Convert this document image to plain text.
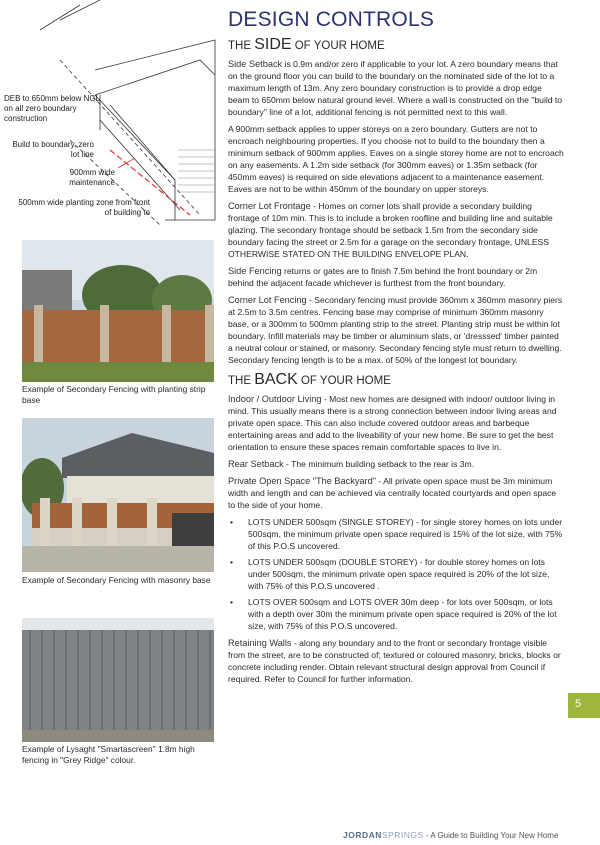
DEB to 650mm below NGL on all zero boundary construction
Build to boundary, zero lot line
900mm wide maintenance
500mm wide planting zone from front of building to
Example of Secondary Fencing with planting strip base
Example of Secondary Fencing with masonry base
Example of Lysaght "Smartascreen" 1.8m high fencing in "Grey Ridge" colour.
DESIGN CONTROLS
THE SIDE OF YOUR HOME

Side Setback is 0.9m and/or zero if applicable to your lot. A zero boundary means that on the ground floor you can build to the boundary on the nominated side of the lot to a maximum length of 13m. Any zero boundary construction is to provide a drop edge beam to 650mm below natural ground level. Where a wall is constructed on the "build to boundary" line of a lot, additional fencing is not permitted next to this wall.

A 900mm setback applies to upper storeys on a zero boundary. Gutters are not to encroach neighbouring properties. If you choose not to build to the boundary then a minimum setback of 900mm applies. Eaves on a single storey home are not to encroach on any easements. A 1.2m side setback (for 300mm eaves) or 1.35m setback (for 450mm eaves) is required on side elevations adjacent to a maintenance easement. Eaves are not to be within 450mm of the boundary on upper storeys.

Corner Lot Frontage - Homes on corner lots shall provide a secondary building frontage of 10m min. This is to include a broken roofline and building line and suitable glazing. The secondary frontage should be setback 1.5m from the secondary side boundary facing the street or 2.5m for a garage on the secondary frontage, UNLESS OTHERWISE STATED ON THE BUILDING ENVELOPE PLAN.

Side Fencing returns or gates are to finish 7.5m behind the front boundary or 2m behind the adjacent facade whichever is furthest from the front boundary.

Corner Lot Fencing - Secondary fencing must provide 360mm x 360mm masonry piers at 2.5m to 3.5m centres. Fencing base may comprise of minimum 360mm masonry base, or a 300mm to 500mm planting strip to the street. Planting strip must be within lot boundary. Infill materials may be timber or aluminium slats, or 'dresssed' timber painted a neutral colour or stained, or masonry. Secondary fencing style must return to dwelling. Secondary fencing length is to be a max. of 50% of the longest lot boundary.

THE BACK OF YOUR HOME

Indoor / Outdoor Living - Most new homes are designed with indoor/ outdoor living in mind. This usually means there is a strong connection between indoor living areas and private open space. This can also include covered outdoor areas and barbeque entertaining areas and add to the liveability of your new home. Be sure to get the best orientation to ensure these spaces remain comfortable spaces to live in.

Rear Setback - The minimum building setback to the rear is 3m.

Private Open Space "The Backyard" - All private open space must be 3m minimum width and length and can be achieved via centrally located courtyards and open space to the side of your home.

• LOTS UNDER 500sqm (SINGLE STOREY) - for single storey homes on lots under 500sqm, the minimum private open space required is 15% of the lot size, with 75% of this P.O.S uncovered.
• LOTS UNDER 500sqm (DOUBLE STOREY) - for double storey homes on lots under 500sqm, the minimum private open space required is 20% of the lot size, with 75% of this P.O.S uncovered .
• LOTS OVER 500sqm and LOTS OVER 30m deep - for lots over 500sqm, or lots with a depth over 30m the minimum private open space required is 20% of the lot size, with 75% of this P.O.S uncovered.

Retaining Walls - along any boundary and to the front or secondary frontage visible from the street, are to be constructed of; textured or coloured masonry, bricks, blocks or concrete including render. Obtain relevant structural design approval from Council if required. Refer to Council for further information.

5
JORDANSPRINGS - A Guide to Building Your New Home
